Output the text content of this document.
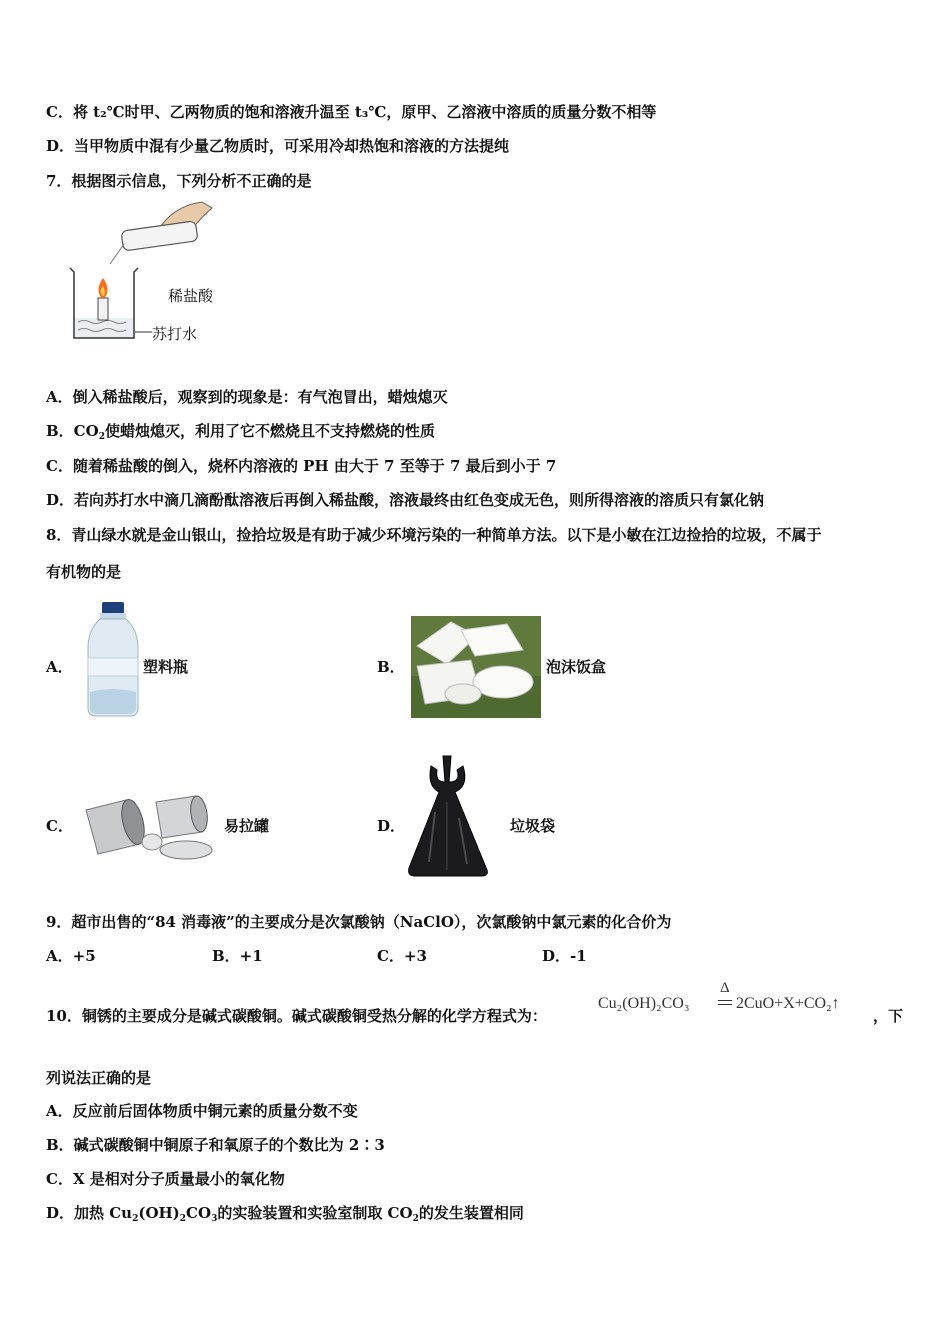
C．将 t₂℃时甲、乙两物质的饱和溶液升温至 t₃℃，原甲、乙溶液中溶质的质量分数不相等
D．当甲物质中混有少量乙物质时，可采用冷却热饱和溶液的方法提纯
7．根据图示信息，下列分析不正确的是
稀盐酸
苏打水
A．倒入稀盐酸后，观察到的现象是：有气泡冒出，蜡烛熄灭
B．$CO_2$使蜡烛熄灭，利用了它不燃烧且不支持燃烧的性质
C．随着稀盐酸的倒入，烧杯内溶液的 PH 由大于 7 至等于 7 最后到小于 7
D．若向苏打水中滴几滴酚酞溶液后再倒入稀盐酸，溶液最终由红色变成无色，则所得溶液的溶质只有氯化钠
8．青山绿水就是金山银山，捡拾垃圾是有助于减少环境污染的一种简单方法。以下是小敏在江边捡拾的垃圾，不属于
有机物的是
A．	塑料瓶	B．	泡沫饭盒
C．	易拉罐	D．	垃圾袋
9．超市出售的“84 消毒液”的主要成分是次氯酸钠（NaClO），次氯酸钠中氯元素的化合价为
A．+5	B．+1	C．+3	D．-1
10．铜锈的主要成分是碱式碳酸铜。碱式碳酸铜受热分解的化学方程式为：
Cu₂(OH)₂CO₃
Δ
2CuO+X+CO₂↑
，下
列说法正确的是
A．反应前后固体物质中铜元素的质量分数不变
B．碱式碳酸铜中铜原子和氧原子的个数比为 2∶3
C．X 是相对分子质量最小的氧化物
D．加热 $Cu_2(OH)_2CO_3$的实验装置和实验室制取 $CO_2$的发生装置相同
